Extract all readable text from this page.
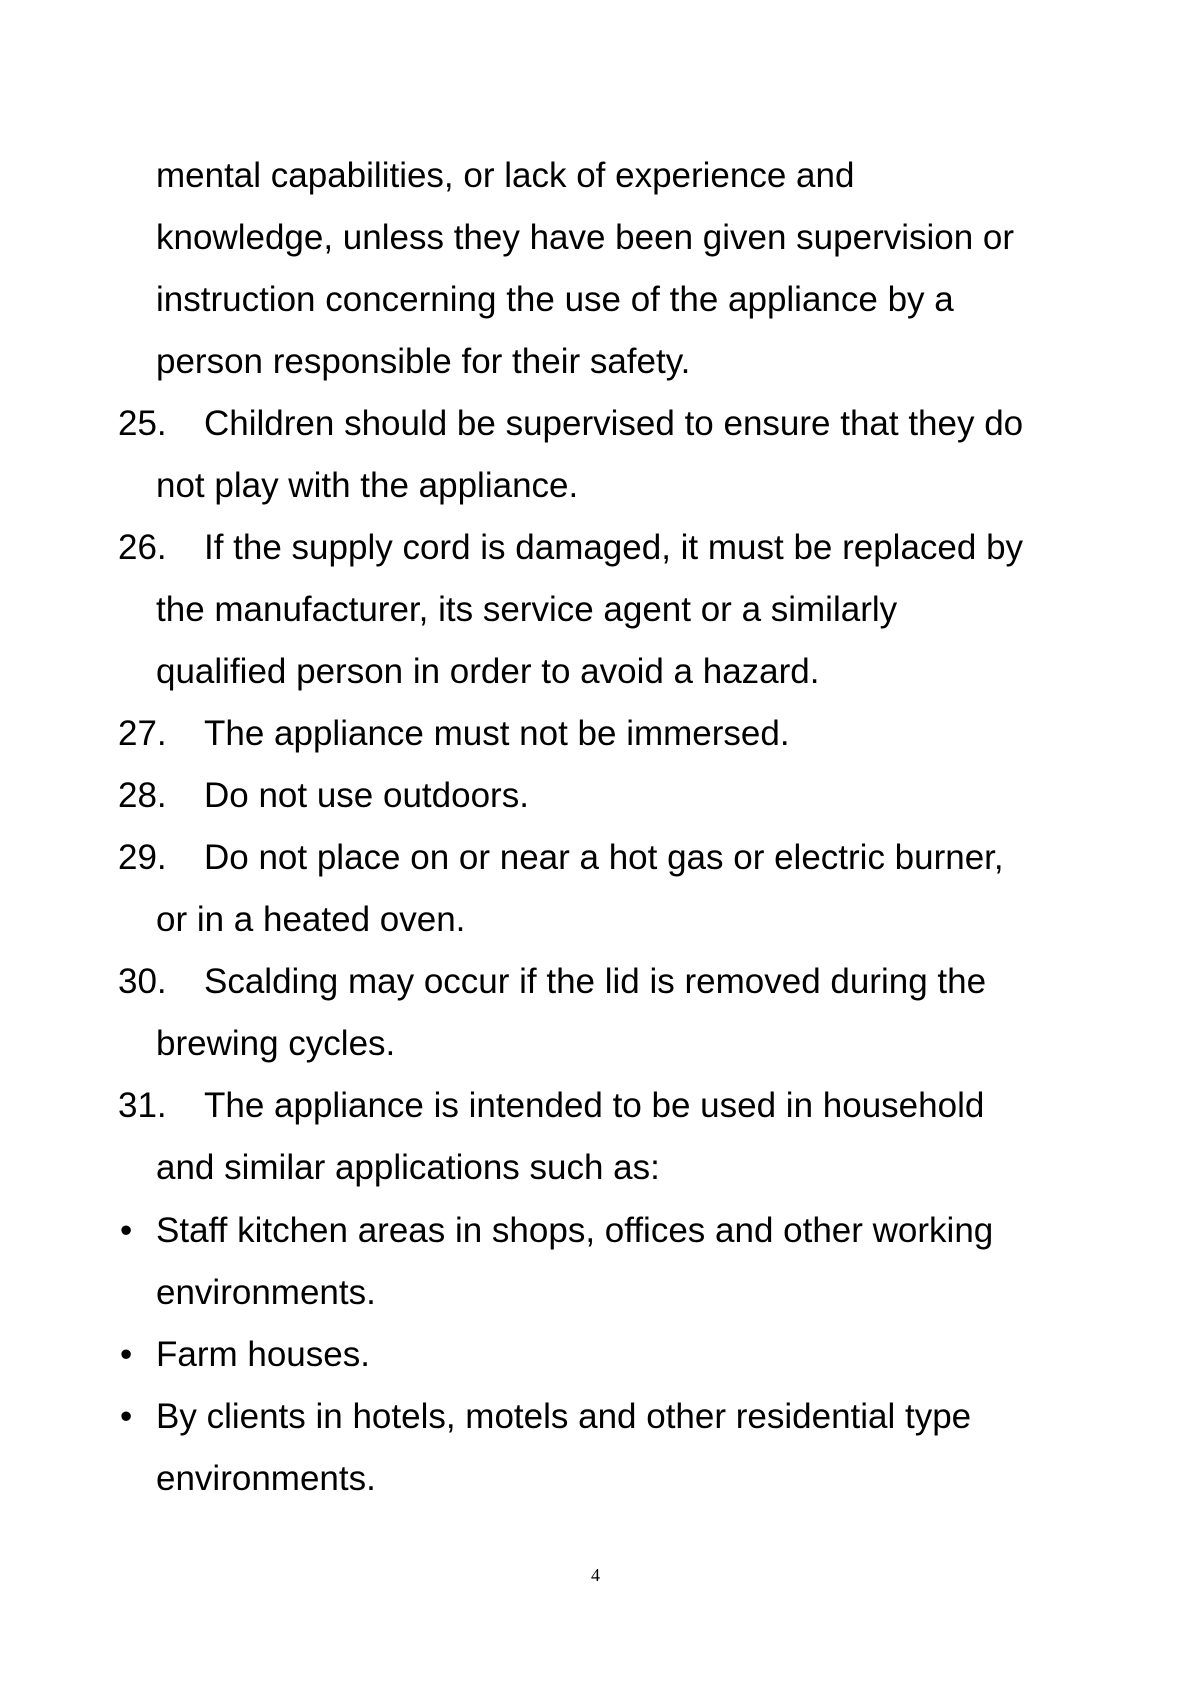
mental capabilities, or lack of experience and
knowledge, unless they have been given supervision or
instruction concerning the use of the appliance by a
person responsible for their safety.
25. Children should be supervised to ensure that they do
not play with the appliance.
26. If the supply cord is damaged, it must be replaced by
the manufacturer, its service agent or a similarly
qualified person in order to avoid a hazard.
27. The appliance must not be immersed.
28. Do not use outdoors.
29. Do not place on or near a hot gas or electric burner,
or in a heated oven.
30. Scalding may occur if the lid is removed during the
brewing cycles.
31. The appliance is intended to be used in household
and similar applications such as:
• Staff kitchen areas in shops, offices and other working
environments.
• Farm houses.
• By clients in hotels, motels and other residential type
environments.
4
